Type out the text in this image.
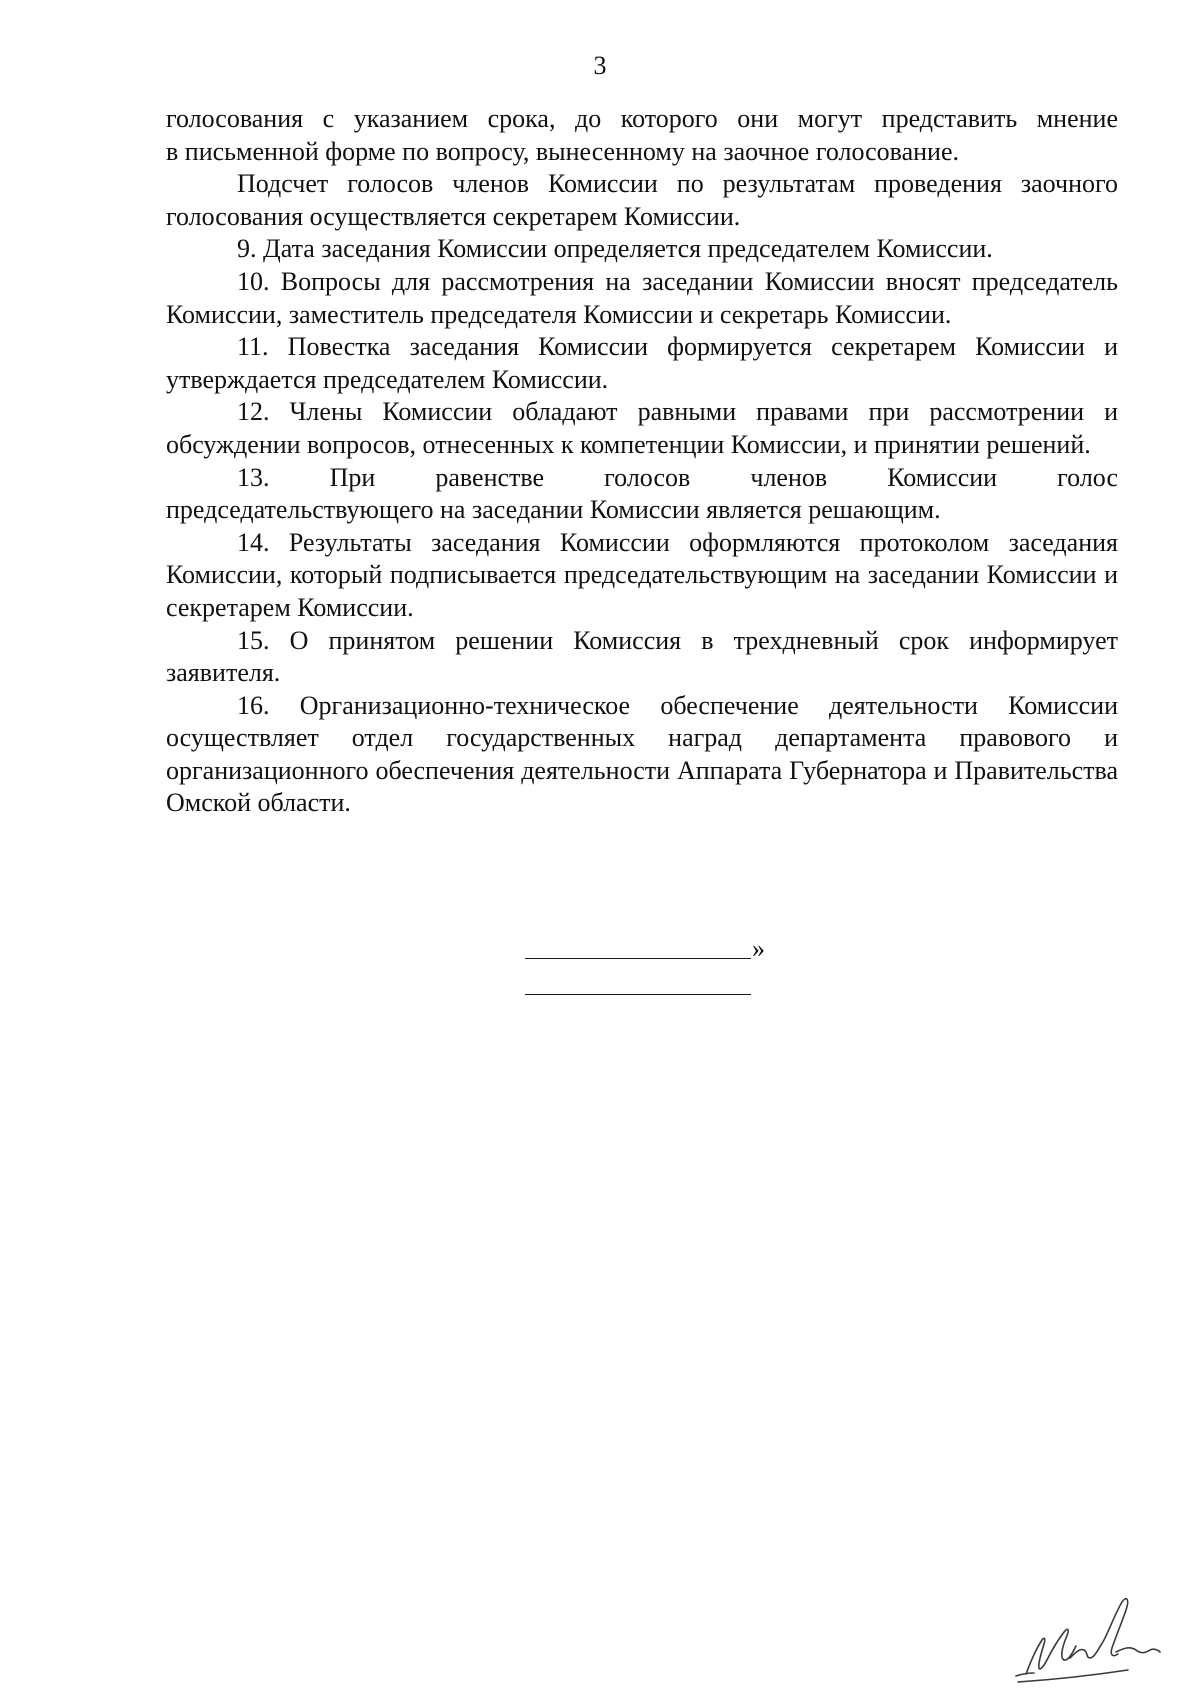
3

голосования с указанием срока, до которого они могут представить мнение
в письменной форме по вопросу, вынесенному на заочное голосование.

Подсчет голосов членов Комиссии по результатам проведения заочного голосования осуществляется секретарем Комиссии.

9. Дата заседания Комиссии определяется председателем Комиссии.

10. Вопросы для рассмотрения на заседании Комиссии вносят председатель Комиссии, заместитель председателя Комиссии и секретарь Комиссии.

11. Повестка заседания Комиссии формируется секретарем Комиссии и утверждается председателем Комиссии.

12. Члены Комиссии обладают равными правами при рассмотрении и обсуждении вопросов, отнесенных к компетенции Комиссии, и принятии решений.

13. При равенстве голосов членов Комиссии голос
председательствующего на заседании Комиссии является решающим.

14. Результаты заседания Комиссии оформляются протоколом заседания Комиссии, который подписывается председательствующим на заседании Комиссии и секретарем Комиссии.

15. О принятом решении Комиссия в трехдневный срок информирует заявителя.

16. Организационно-техническое обеспечение деятельности Комиссии осуществляет отдел государственных наград департамента правового и организационного обеспечения деятельности Аппарата Губернатора и Правительства Омской области.

»
